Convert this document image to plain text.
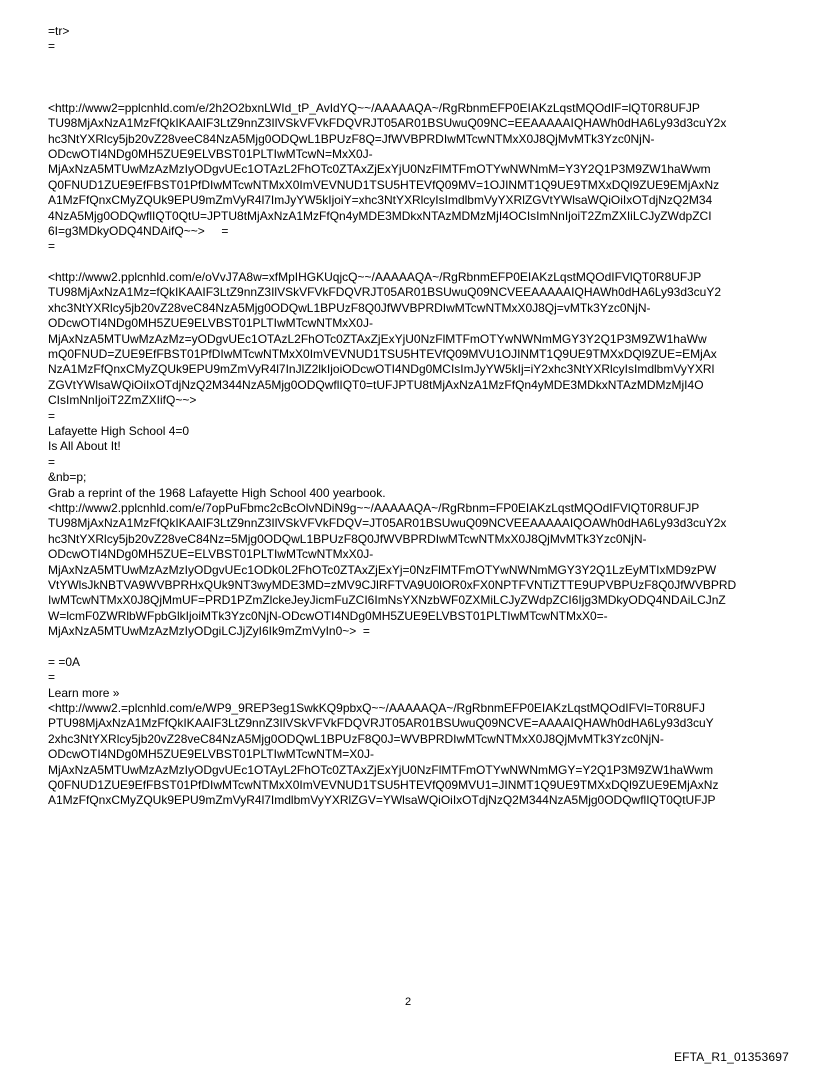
=tr>
=
<http://www2=pplcnhld.com/e/2h2O2bxnLWId_tP_AvIdYQ~~/AAAAAQA~/RgRbnmEFP0EIAKzLqstMQOdIF=lQT0R8UFJP
TU98MjAxNzA1MzFfQkIKAAIF3LtZ9nnZ3IlVSkVFVkFDQVRJT05AR01BSUwuQ09NC=EEAAAAAIQHAWh0dHA6Ly93d3cuY2x
hc3NtYXRlcy5jb20vZ28veeC84NzA5Mjg0ODQwL1BPUzF8Q=JfWVBPRDIwMTcwNTMxX0J8QjMvMTk3Yzc0NjN-
ODcwOTI4NDg0MH5ZUE9ELVBST01PLTIwMTcwN=MxX0J-
MjAxNzA5MTUwMzAzMzIyODgvUEc1OTAzL2FhOTc0ZTAxZjExYjU0NzFlMTFmOTYwNWNmM=Y3Y2Q1P3M9ZW1haWwm
Q0FNUD1ZUE9EfFBST01PfDIwMTcwNTMxX0ImVEVNUD1TSU5HTEVfQ09MV=1OJINMT1Q9UE9TMXxDQl9ZUE9EMjAxNz
A1MzFfQnxCMyZQUk9EPU9mZmVyR4l7ImJyYW5kIjoiY=xhc3NtYXRlcyIsImdlbmVyYXRlZGVtYWlsaWQiOiIxOTdjNzQ2M34
4NzA5Mjg0ODQwflIQT0QtU=JPTU8tMjAxNzA1MzFfQn4yMDE3MDkxNTAzMDMzMjI4OCIsImNnIjoiT2ZmZXIiLCJyZWdpZCI
6I=g3MDkyODQ4NDAifQ~~>     =
=
<http://www2.pplcnhld.com/e/oVvJ7A8w=xfMpIHGKUqjcQ~~/AAAAAQA~/RgRbnmEFP0EIAKzLqstMQOdIFVlQT0R8UFJP
TU98MjAxNzA1Mz=fQkIKAAIF3LtZ9nnZ3IlVSkVFVkFDQVRJT05AR01BSUwuQ09NCVEEAAAAAIQHAWh0dHA6Ly93d3cuY2
xhc3NtYXRlcy5jb20vZ28veC84NzA5Mjg0ODQwL1BPUzF8Q0JfWVBPRDIwMTcwNTMxX0J8Qj=vMTk3Yzc0NjN-
ODcwOTI4NDg0MH5ZUE9ELVBST01PLTIwMTcwNTMxX0J-
MjAxNzA5MTUwMzAzMz=yODgvUEc1OTAzL2FhOTc0ZTAxZjExYjU0NzFlMTFmOTYwNWNmMGY3Y2Q1P3M9ZW1haWw
mQ0FNUD=ZUE9EfFBST01PfDIwMTcwNTMxX0ImVEVNUD1TSU5HTEVfQ09MVU1OJINMT1Q9UE9TMXxDQl9ZUE=EMjAx
NzA1MzFfQnxCMyZQUk9EPU9mZmVyR4l7InJlZ2lkIjoiODcwOTI4NDg0MCIsImJyYW5kIj=iY2xhc3NtYXRlcyIsImdlbmVyYXRl
ZGVtYWlsaWQiOiIxOTdjNzQ2M344NzA5Mjg0ODQwflIQT0=tUFJPTU8tMjAxNzA1MzFfQn4yMDE3MDkxNTAzMDMzMjI4O
CIsImNnIjoiT2ZmZXIifQ~~>
=
Lafayette High School 4=0
Is All About It!
=
&nb=p;
Grab a reprint of the 1968 Lafayette High School 400 yearbook.
<http://www2.pplcnhld.com/e/7opPuFbmc2cBcOlvNDiN9g~~/AAAAAQA~/RgRbnm=FP0EIAKzLqstMQOdIFVlQT0R8UFJP
TU98MjAxNzA1MzFfQkIKAAIF3LtZ9nnZ3IlVSkVFVkFDQV=JT05AR01BSUwuQ09NCVEEAAAAAIQOAWh0dHA6Ly93d3cuY2x
hc3NtYXRlcy5jb20vZ28veC84Nz=5Mjg0ODQwL1BPUzF8Q0JfWVBPRDIwMTcwNTMxX0J8QjMvMTk3Yzc0NjN-
ODcwOTI4NDg0MH5ZUE=ELVBST01PLTIwMTcwNTMxX0J-
MjAxNzA5MTUwMzAzMzIyODgvUEc1ODk0L2FhOTc0ZTAxZjExYj=0NzFlMTFmOTYwNWNmMGY3Y2Q1LzEyMTIxMD9zPW
VtYWlsJkNBTVA9WVBPRHxQUk9NT3wyMDE3MD=zMV9CJlRFTVA9U0lOR0xFX0NPTFVNTiZTTE9UPVBPUzF8Q0JfWVBPRD
IwMTcwNTMxX0J8QjMmUF=PRD1PZmZlckeJeyJicmFuZCI6ImNsYXNzbWF0ZXMiLCJyZWdpZCI6Ijg3MDkyODQ4NDAiLCJnZ
W=lcmF0ZWRlbWFpbGlkIjoiMTk3Yzc0NjN-ODcwOTI4NDg0MH5ZUE9ELVBST01PLTIwMTcwNTMxX0=-
MjAxNzA5MTUwMzAzMzIyODgiLCJjZyI6Ik9mZmVyIn0~>  =
= =0A
=
Learn more »
<http://www2.=plcnhld.com/e/WP9_9REP3eg1SwkKQ9pbxQ~~/AAAAAQA~/RgRbnmEFP0EIAKzLqstMQOdIFVl=T0R8UFJ
PTU98MjAxNzA1MzFfQkIKAAIF3LtZ9nnZ3IlVSkVFVkFDQVRJT05AR01BSUwuQ09NCVE=AAAAIQHAWh0dHA6Ly93d3cuY
2xhc3NtYXRlcy5jb20vZ28veC84NzA5Mjg0ODQwL1BPUzF8Q0J=WVBPRDIwMTcwNTMxX0J8QjMvMTk3Yzc0NjN-
ODcwOTI4NDg0MH5ZUE9ELVBST01PLTIwMTcwNTM=X0J-
MjAxNzA5MTUwMzAzMzIyODgvUEc1OTAyL2FhOTc0ZTAxZjExYjU0NzFlMTFmOTYwNWNmMGY=Y2Q1P3M9ZW1haWwm
Q0FNUD1ZUE9EfFBST01PfDIwMTcwNTMxX0ImVEVNUD1TSU5HTEVfQ09MVU1=JINMT1Q9UE9TMXxDQl9ZUE9EMjAxNz
A1MzFfQnxCMyZQUk9EPU9mZmVyR4l7ImdlbmVyYXRlZGV=YWlsaWQiOiIxOTdjNzQ2M344NzA5Mjg0ODQwflIQT0QtUFJP
2
EFTA_R1_01353697
